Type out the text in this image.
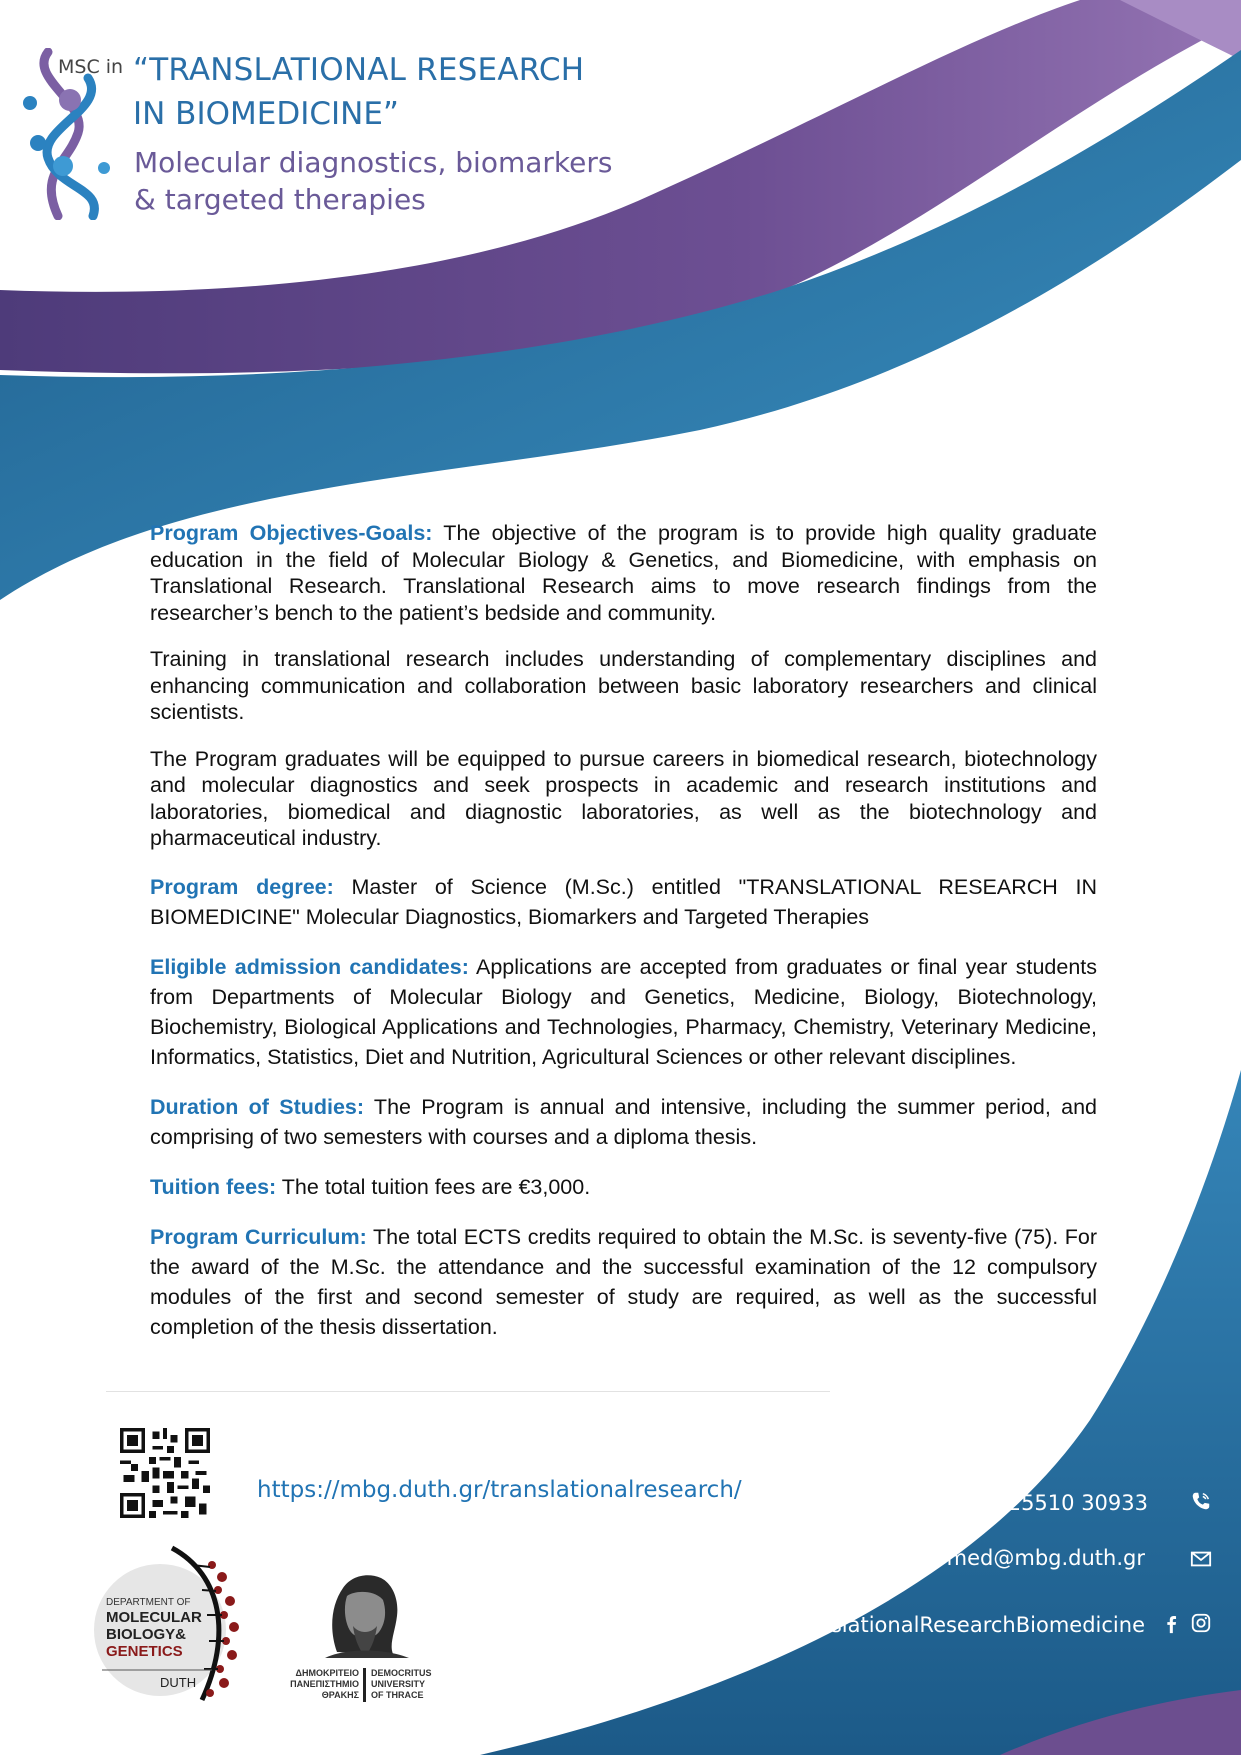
MSC in “TRANSLATIONAL RESEARCH
IN BIOMEDICINE”
Molecular diagnostics, biomarkers
& targeted therapies

Program Objectives-Goals: The objective of the program is to provide high quality graduate education in the field of Molecular Biology & Genetics, and Biomedicine, with emphasis on Translational Research. Translational Research aims to move research findings from the researcher’s bench to the patient’s bedside and community.

Training in translational research includes understanding of complementary disciplines and enhancing communication and collaboration between basic laboratory researchers and clinical scientists.

The Program graduates will be equipped to pursue careers in biomedical research, biotechnology and molecular diagnostics and seek prospects in academic and research institutions and laboratories, biomedical and diagnostic laboratories, as well as the biotechnology and pharmaceutical industry.

Program degree: Master of Science (M.Sc.) entitled "TRANSLATIONAL RESEARCH IN BIOMEDICINE" Molecular Diagnostics, Biomarkers and Targeted Therapies

Eligible admission candidates: Applications are accepted from graduates or final year students from Departments of Molecular Biology and Genetics, Medicine, Biology, Biotechnology, Biochemistry, Biological Applications and Technologies, Pharmacy, Chemistry, Veterinary Medicine, Informatics, Statistics, Diet and Nutrition, Agricultural Sciences or other relevant disciplines.

Duration of Studies: The Program is annual and intensive, including the summer period, and comprising of two semesters with courses and a diploma thesis.

Tuition fees: The total tuition fees are €3,000.

Program Curriculum: The total ECTS credits required to obtain the M.Sc. is seventy-five (75). For the award of the M.Sc. the attendance and the successful examination of the 12 compulsory modules of the first and second semester of study are required, as well as the successful completion of the thesis dissertation.

https://mbg.duth.gr/translationalresearch/	+30 25510 30933
PMSTransBiomed@mbg.duth.gr
/TranslationalResearchBiomedicine
DEPARTMENT OF
MOLECULAR
BIOLOGY&
GENETICS
DUTH
ΔΗΜΟΚΡΙΤΕΙΟ
ΠΑΝΕΠΙΣΤΗΜΙΟ
ΘΡΑΚΗΣ
DEMOCRITUS
UNIVERSITY
OF THRACE
